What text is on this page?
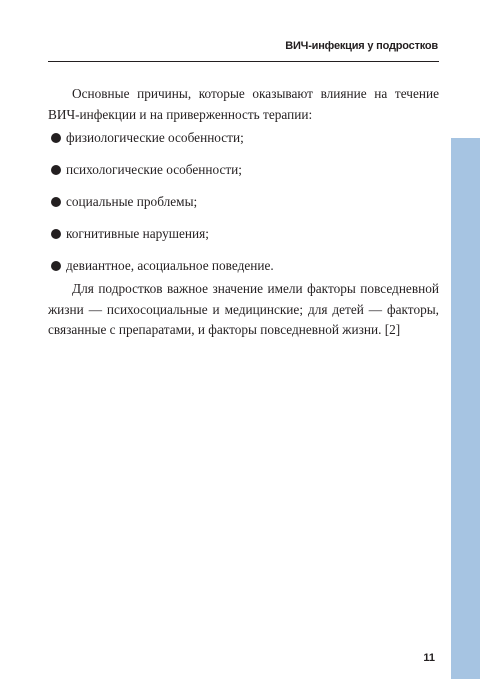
ВИЧ-инфекция у подростков

Основные причины, которые оказывают влияние на течение ВИЧ-инфекции и на приверженность терапии:

физиологические особенности;
психологические особенности;
социальные проблемы;
когнитивные нарушения;
девиантное, асоциальное поведение.

Для подростков важное значение имели факторы повседневной жизни — психосоциальные и медицинские; для детей — факторы, связанные с препаратами, и факторы повседневной жизни. [2]

11
